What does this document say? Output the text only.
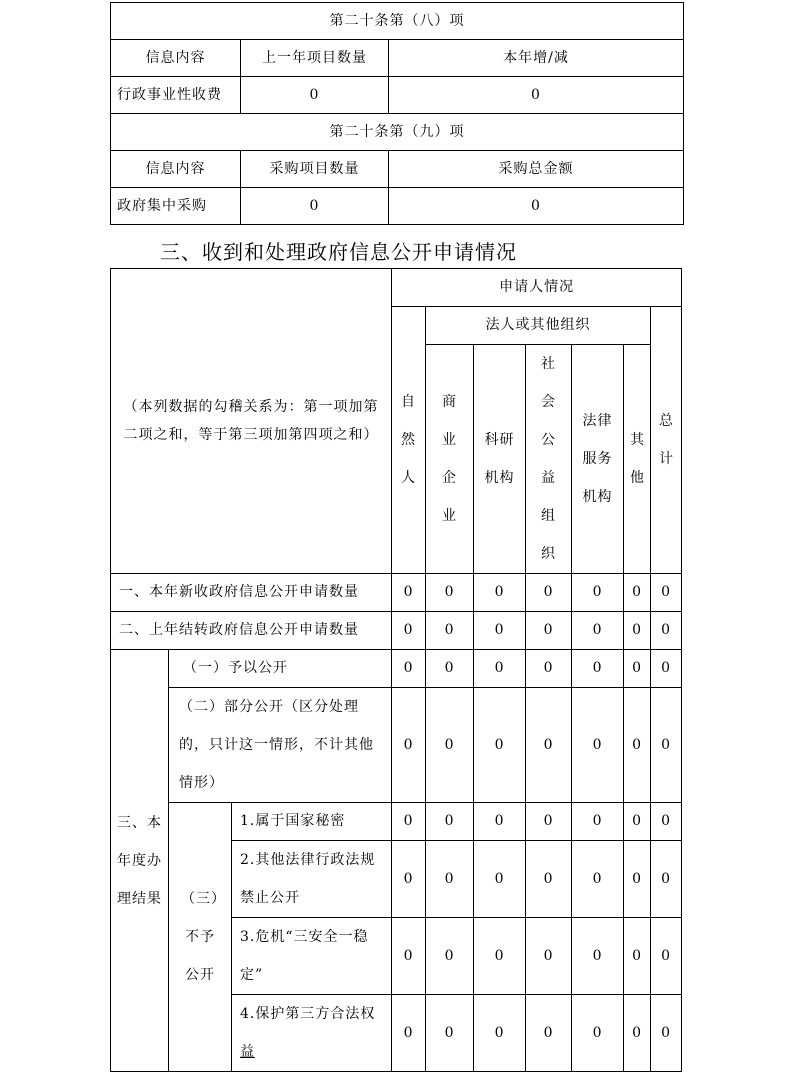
第二十条第（八）项		
信息内容	上一年项目数量	本年增/减
行政事业性收费	0	0
第二十条第（九）项		
信息内容	采购项目数量	采购总金额
政府集中采购	0	0
三、收到和处理政府信息公开申请情况
（本列数据的勾稽关系为：第一项加第二项之和，等于第三项加第四项之和）			申请人情况						
			自然人	法人或其他组织					总计
				商业企业	科研机构	社会公益组织	法律服务机构	其他	
一、本年新收政府信息公开申请数量			0	0	0	0	0	0	0
二、上年结转政府信息公开申请数量			0	0	0	0	0	0	0
三、本年度办理结果	（一）予以公开		0	0	0	0	0	0	0
	（二）部分公开（区分处理的，只计这一情形，不计其他情形）		0	0	0	0	0	0	0
	（三）不予公开	1.属于国家秘密	0	0	0	0	0	0	0
		2.其他法律行政法规禁止公开	0	0	0	0	0	0	0
		3.危机“三安全一稳定”	0	0	0	0	0	0	0
		4.保护第三方合法权益	0	0	0	0	0	0	0
